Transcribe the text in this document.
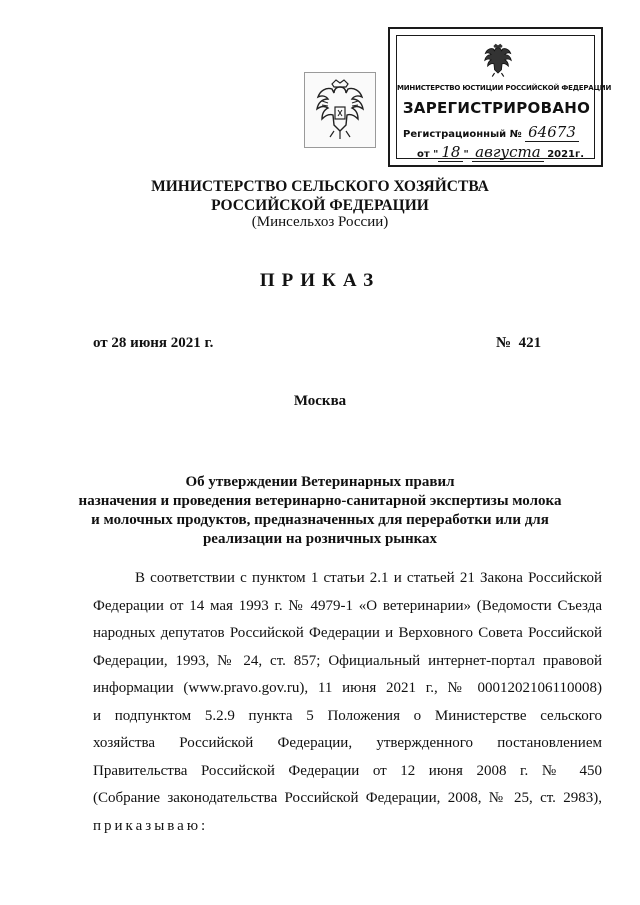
МИНИСТЕРСТВО ЮСТИЦИИ РОССИЙСКОЙ ФЕДЕРАЦИИ
ЗАРЕГИСТРИРОВАНО
Регистрационный № 64673
от " 18 " августа 2021г.
МИНИСТЕРСТВО СЕЛЬСКОГО ХОЗЯЙСТВА
РОССИЙСКОЙ ФЕДЕРАЦИИ
(Минсельхоз России)
ПРИКАЗ
от 28 июня 2021 г.	№ 421
Москва
Об утверждении Ветеринарных правил
назначения и проведения ветеринарно-санитарной экспертизы молока
и молочных продуктов, предназначенных для переработки или для
реализации на розничных рынках
В соответствии с пунктом 1 статьи 2.1 и статьей 21 Закона Российской
Федерации от 14 мая 1993 г. № 4979-1 «О ветеринарии» (Ведомости Съезда
народных депутатов Российской Федерации и Верховного Совета Российской
Федерации, 1993, № 24, ст. 857; Официальный интернет-портал правовой
информации (www.pravo.gov.ru), 11 июня 2021 г., № 0001202106110008)
и подпунктом 5.2.9 пункта 5 Положения о Министерстве сельского
хозяйства Российской Федерации, утвержденного постановлением
Правительства Российской Федерации от 12 июня 2008 г. № 450
(Собрание законодательства Российской Федерации, 2008, № 25, ст. 2983),
приказываю:
